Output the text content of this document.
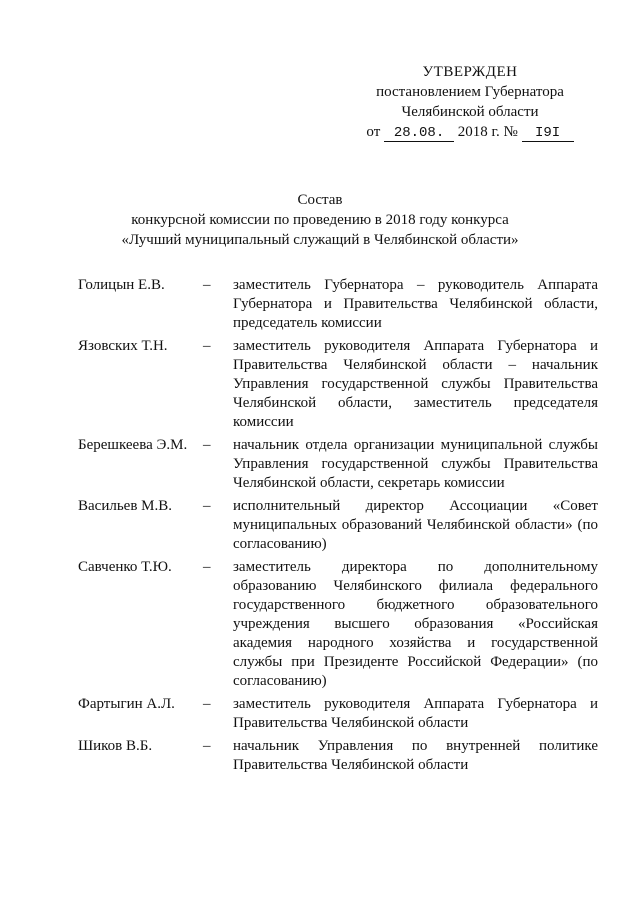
УТВЕРЖДЕН
постановлением Губернатора
Челябинской области
от 28.08. 2018 г. № I9I
Состав
конкурсной комиссии по проведению в 2018 году конкурса
«Лучший муниципальный служащий в Челябинской области»
Голицын Е.В.	–	заместитель Губернатора – руководитель Аппарата Губернатора и Правительства Челябинской области, председатель комиссии
Язовских Т.Н.	–	заместитель руководителя Аппарата Губернатора и Правительства Челябинской области – начальник Управления государственной службы Правительства Челябинской области, заместитель председателя комиссии
Берешкеева Э.М.	–	начальник отдела организации муниципальной службы Управления государственной службы Правительства Челябинской области, секретарь комиссии
Васильев М.В.	–	исполнительный директор Ассоциации «Совет муниципальных образований Челябинской области» (по согласованию)
Савченко Т.Ю.	–	заместитель директора по дополнительному образованию Челябинского филиала федерального государственного бюджетного образовательного учреждения высшего образования «Российская академия народного хозяйства и государственной службы при Президенте Российской Федерации» (по согласованию)
Фартыгин А.Л.	–	заместитель руководителя Аппарата Губернатора и Правительства Челябинской области
Шиков В.Б.	–	начальник Управления по внутренней политике Правительства Челябинской области
